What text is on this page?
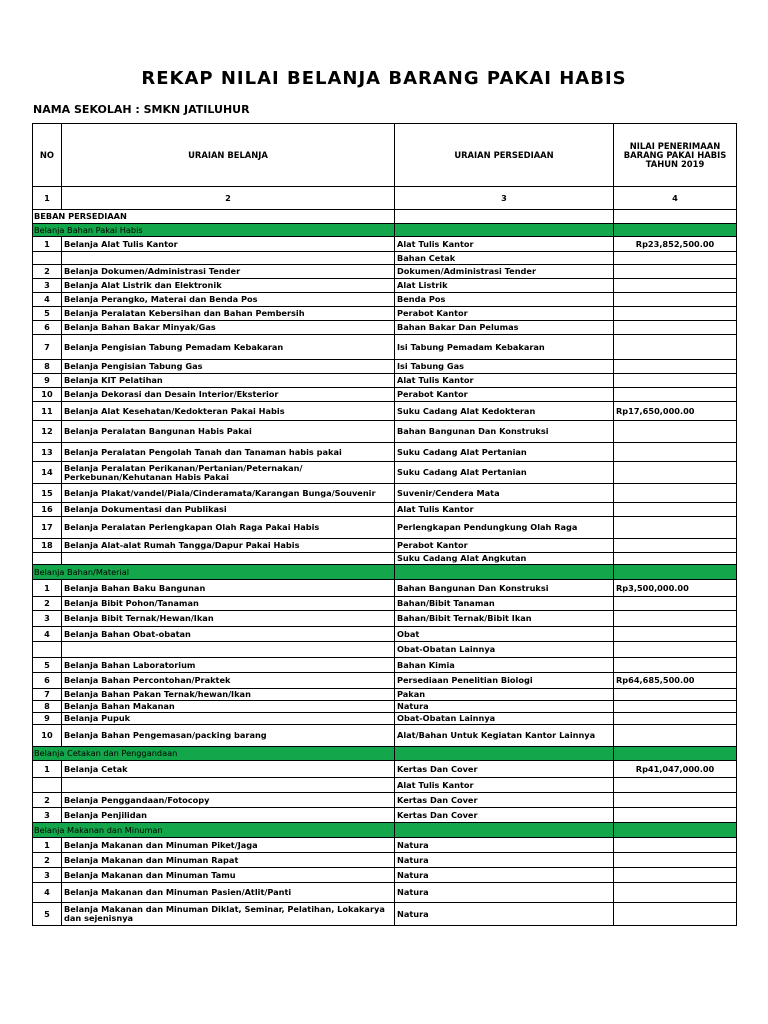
REKAP NILAI BELANJA BARANG PAKAI HABIS
NAMA SEKOLAH : SMKN JATILUHUR
NO	URAIAN BELANJA	URAIAN PERSEDIAAN	NILAI PENERIMAAN BARANG PAKAI HABIS TAHUN 2019
1	2	3	4
BEBAN PERSEDIAAN			
Belanja Bahan Pakai Habis			
1	Belanja Alat Tulis Kantor	Alat Tulis Kantor	Rp23,852,500.00
		Bahan Cetak	
2	Belanja Dokumen/Administrasi Tender	Dokumen/Administrasi Tender	
3	Belanja Alat Listrik dan Elektronik	Alat Listrik	
4	Belanja Perangko, Materai dan Benda Pos	Benda Pos	
5	Belanja Peralatan Kebersihan dan Bahan Pembersih	Perabot Kantor	
6	Belanja Bahan Bakar Minyak/Gas	Bahan Bakar Dan Pelumas	
7	Belanja Pengisian Tabung Pemadam Kebakaran	Isi Tabung Pemadam Kebakaran	
8	Belanja Pengisian Tabung Gas	Isi Tabung Gas	
9	Belanja KIT Pelatihan	Alat Tulis Kantor	
10	Belanja Dekorasi dan Desain Interior/Eksterior	Perabot Kantor	
11	Belanja Alat Kesehatan/Kedokteran Pakai Habis	Suku Cadang Alat Kedokteran	Rp17,650,000.00
12	Belanja Peralatan Bangunan Habis Pakai	Bahan Bangunan Dan Konstruksi	
13	Belanja Peralatan Pengolah Tanah dan Tanaman habis pakai	Suku Cadang Alat Pertanian	
14	Belanja Peralatan Perikanan/Pertanian/Peternakan/ Perkebunan/Kehutanan Habis Pakai	Suku Cadang Alat Pertanian	
15	Belanja Plakat/vandel/Piala/Cinderamata/Karangan Bunga/Souvenir	Suvenir/Cendera Mata	
16	Belanja Dokumentasi dan Publikasi	Alat Tulis Kantor	
17	Belanja Peralatan Perlengkapan Olah Raga Pakai Habis	Perlengkapan Pendungkung Olah Raga	
18	Belanja Alat-alat Rumah Tangga/Dapur Pakai Habis	Perabot Kantor	
		Suku Cadang Alat Angkutan	
Belanja Bahan/Material			
1	Belanja Bahan Baku Bangunan	Bahan Bangunan Dan Konstruksi	Rp3,500,000.00
2	Belanja Bibit Pohon/Tanaman	Bahan/Bibit Tanaman	
3	Belanja Bibit Ternak/Hewan/Ikan	Bahan/Bibit Ternak/Bibit Ikan	
4	Belanja Bahan Obat-obatan	Obat	
		Obat-Obatan Lainnya	
5	Belanja Bahan Laboratorium	Bahan Kimia	
6	Belanja Bahan Percontohan/Praktek	Persediaan Penelitian Biologi	Rp64,685,500.00
7	Belanja Bahan Pakan Ternak/hewan/Ikan	Pakan	
8	Belanja Bahan Makanan	Natura	
9	Belanja Pupuk	Obat-Obatan Lainnya	
10	Belanja Bahan Pengemasan/packing barang	Alat/Bahan Untuk Kegiatan Kantor Lainnya	
Belanja Cetakan dan Penggandaan			
1	Belanja Cetak	Kertas Dan Cover	Rp41,047,000.00
		Alat Tulis Kantor	
2	Belanja Penggandaan/Fotocopy	Kertas Dan Cover	
3	Belanja Penjilidan	Kertas Dan Cover	
Belanja Makanan dan Minuman			
1	Belanja Makanan dan Minuman Piket/Jaga	Natura	
2	Belanja Makanan dan Minuman Rapat	Natura	
3	Belanja Makanan dan Minuman Tamu	Natura	
4	Belanja Makanan dan Minuman Pasien/Atlit/Panti	Natura	
5	Belanja Makanan dan Minuman Diklat, Seminar, Pelatihan, Lokakarya dan sejenisnya	Natura	
